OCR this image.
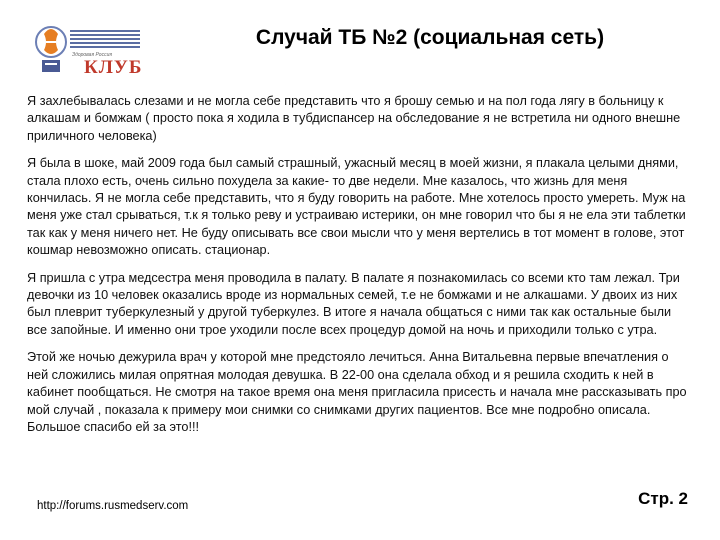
Здоровая Россия
КЛУБ
Случай ТБ №2 (социальная сеть)

Я захлебывалась слезами и не могла себе представить что я брошу семью и на пол года лягу в больницу к алкашам и бомжам ( просто пока я ходила в тубдиспансер на обследование я не встретила ни одного внешне приличного человека)

Я была в шоке, май 2009 года был самый страшный, ужасный месяц в моей жизни, я плакала целыми днями, стала плохо есть, очень сильно похудела за какие- то две недели. Мне казалось, что жизнь для меня кончилась. Я не могла себе представить, что я буду говорить на работе. Мне хотелось просто умереть. Муж на меня уже стал срываться, т.к я только реву и устраиваю истерики, он мне говорил что бы я не ела эти таблетки так как у меня ничего нет. Не буду описывать все свои мысли что у меня вертелись в тот момент в голове, этот кошмар невозможно описать. стационар.

Я пришла с утра медсестра меня проводила в палату. В палате я познакомилась со всеми кто там лежал. Три девочки из 10 человек оказались вроде из нормальных семей, т.е не бомжами и не алкашами. У двоих из них был плеврит туберкулезный у другой туберкулез. В итоге я начала общаться с ними так как остальные были все запойные. И именно они трое уходили после всех процедур домой на ночь и приходили только с утра.

Этой же ночью дежурила врач у которой мне предстояло лечиться. Анна Витальевна первые впечатления о ней сложились милая опрятная молодая девушка. В 22-00 она сделала обход и я решила сходить к ней в кабинет пообщаться. Не смотря на такое время она меня пригласила присесть и начала мне рассказывать про мой случай , показала к примеру мои снимки со снимками других пациентов. Все мне подробно описала. Большое спасибо ей за это!!!

http://forums.rusmedserv.com	Стр. 2
